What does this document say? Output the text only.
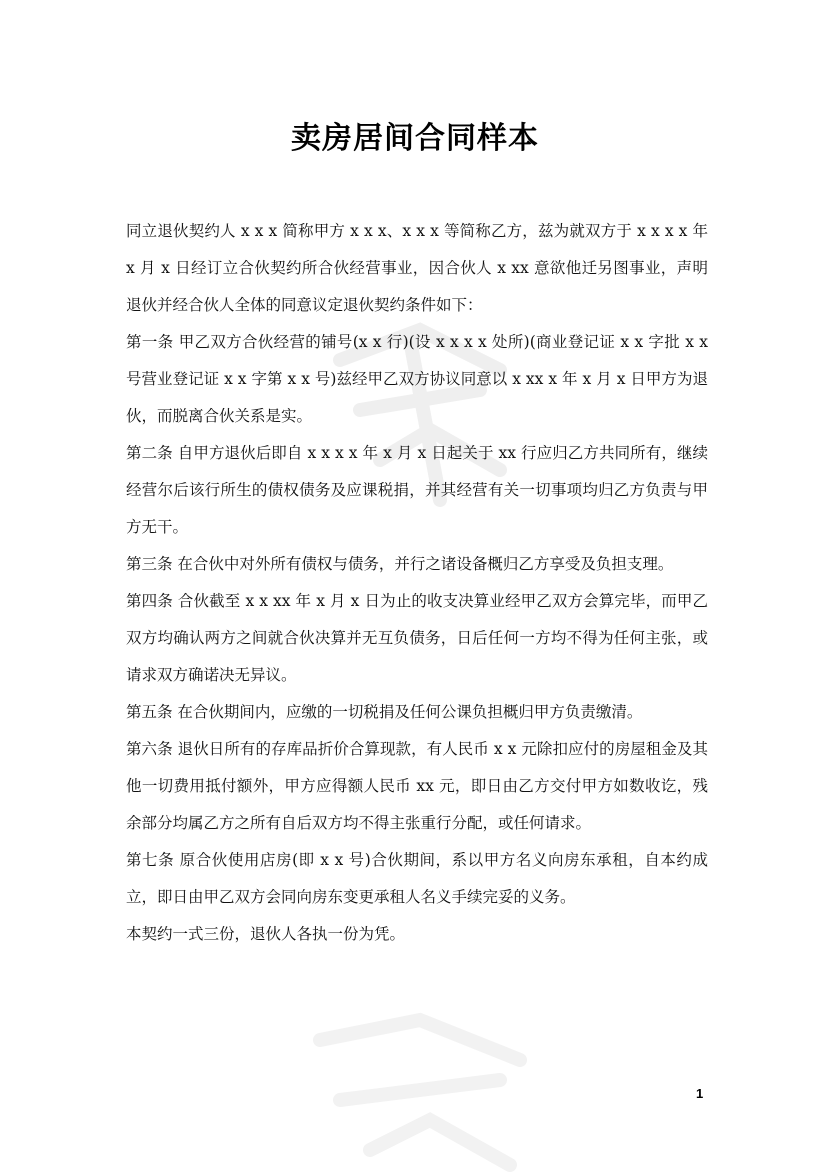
卖房居间合同样本

同立退伙契约人 x x x 简称甲方 x x x、x x x 等简称乙方，兹为就双方于 x x x x 年 x 月 x 日经订立合伙契约所合伙经营事业，因合伙人 x xx 意欲他迁另图事业，声明退伙并经合伙人全体的同意议定退伙契约条件如下：

第一条 甲乙双方合伙经营的铺号(x x 行)(设 x x x x 处所)(商业登记证 x x 字批 x x 号营业登记证 x x 字第 x x 号)兹经甲乙双方协议同意以 x xx x 年 x 月 x 日甲方为退伙，而脱离合伙关系是实。

第二条 自甲方退伙后即自 x x x x 年 x 月 x 日起关于 xx 行应归乙方共同所有，继续经营尔后该行所生的债权债务及应课税捐，并其经营有关一切事项均归乙方负责与甲方无干。

第三条 在合伙中对外所有债权与债务，并行之诸设备概归乙方享受及负担支理。

第四条 合伙截至 x x xx 年 x 月 x 日为止的收支决算业经甲乙双方会算完毕，而甲乙双方均确认两方之间就合伙决算并无互负债务，日后任何一方均不得为任何主张，或请求双方确诺决无异议。

第五条 在合伙期间内，应缴的一切税捐及任何公课负担概归甲方负责缴清。

第六条 退伙日所有的存库品折价合算现款，有人民币 x x 元除扣应付的房屋租金及其他一切费用抵付额外，甲方应得额人民币 xx 元，即日由乙方交付甲方如数收讫，残余部分均属乙方之所有自后双方均不得主张重行分配，或任何请求。

第七条 原合伙使用店房(即 x x 号)合伙期间，系以甲方名义向房东承租，自本约成立，即日由甲乙双方会同向房东变更承租人名义手续完妥的义务。

本契约一式三份，退伙人各执一份为凭。

1
